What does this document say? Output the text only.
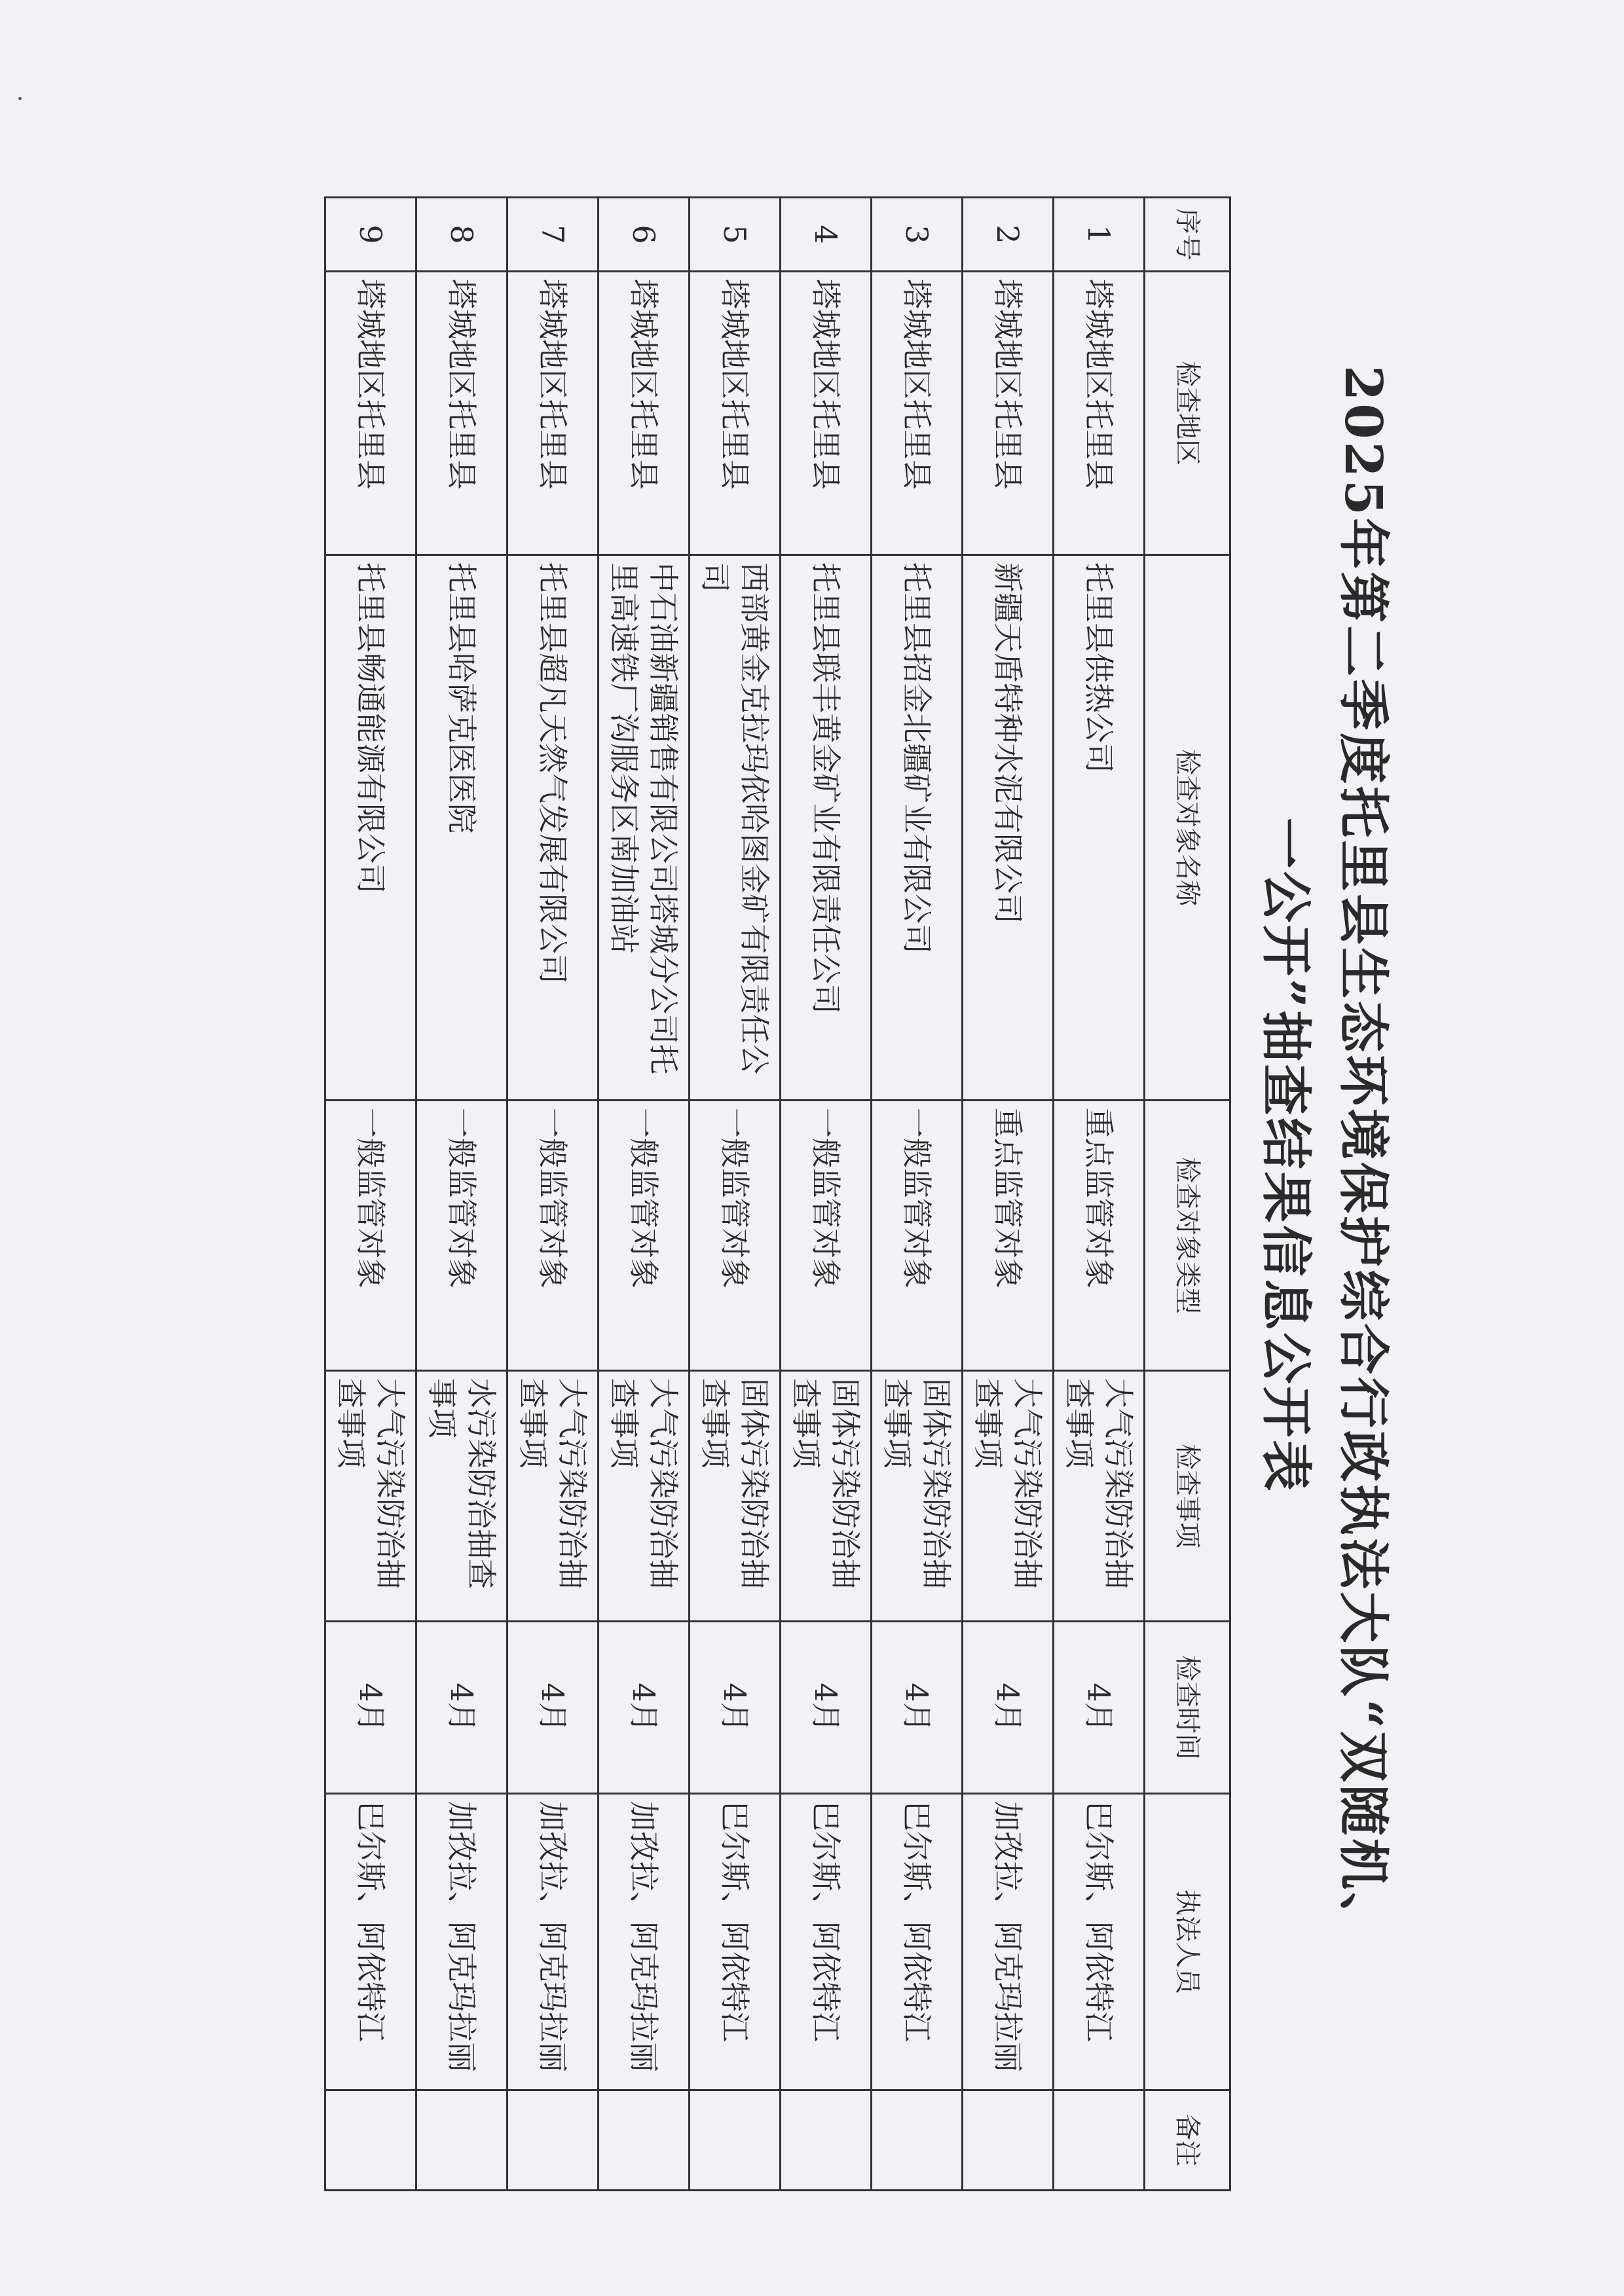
2025年第二季度托里县生态环境保护综合行政执法大队“双随机、
一公开”抽查结果信息公开表
序号	检查地区	检查对象名称	检查对象类型	检查事项	检查时间	执法人员	备注
1	塔城地区托里县	托里县供热公司	重点监管对象	大气污染防治抽查事项	4月	巴尔斯、阿依特江	
2	塔城地区托里县	新疆天盾特种水泥有限公司	重点监管对象	大气污染防治抽查事项	4月	加孜拉、阿克玛拉丽	
3	塔城地区托里县	托里县招金北疆矿业有限公司	一般监管对象	固体污染防治抽查事项	4月	巴尔斯、阿依特江	
4	塔城地区托里县	托里县联丰黄金矿业有限责任公司	一般监管对象	固体污染防治抽查事项	4月	巴尔斯、阿依特江	
5	塔城地区托里县	西部黄金克拉玛依哈图金矿有限责任公司	一般监管对象	固体污染防治抽查事项	4月	巴尔斯、阿依特江	
6	塔城地区托里县	中石油新疆销售有限公司塔城分公司托里高速铁厂沟服务区南加油站	一般监管对象	大气污染防治抽查事项	4月	加孜拉、阿克玛拉丽	
7	塔城地区托里县	托里县超凡天然气发展有限公司	一般监管对象	大气污染防治抽查事项	4月	加孜拉、阿克玛拉丽	
8	塔城地区托里县	托里县哈萨克医医院	一般监管对象	水污染防治抽查事项	4月	加孜拉、阿克玛拉丽	
9	塔城地区托里县	托里县畅通能源有限公司	一般监管对象	大气污染防治抽查事项	4月	巴尔斯、阿依特江	
